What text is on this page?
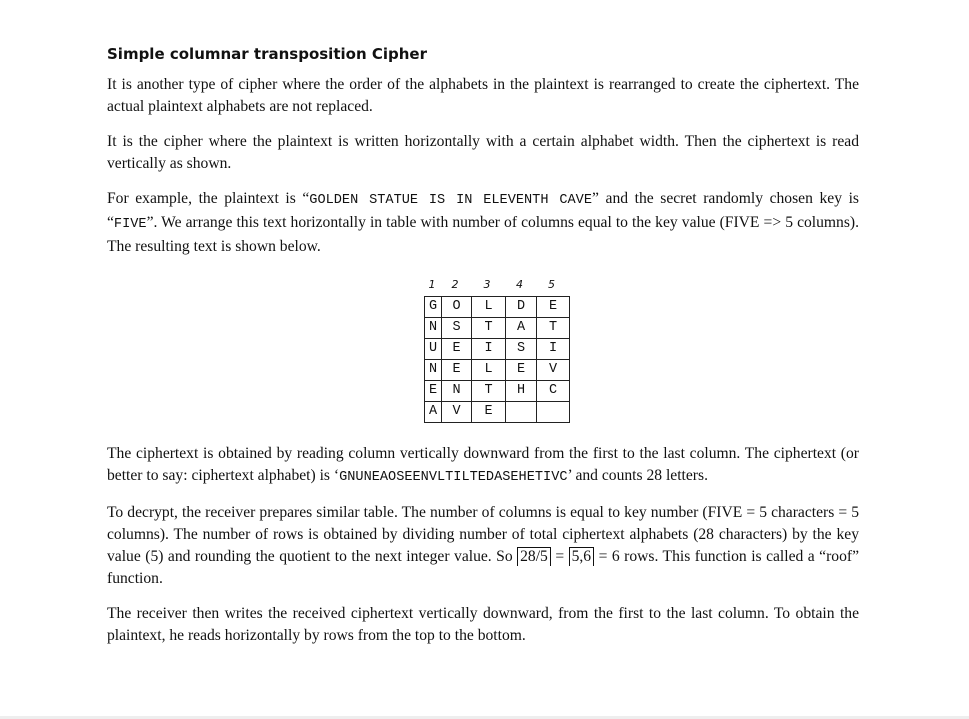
Simple columnar transposition Cipher

It is another type of cipher where the order of the alphabets in the plaintext is rearranged to create the ciphertext. The actual plaintext alphabets are not replaced.

It is the cipher where the plaintext is written horizontally with a certain alphabet width. Then the ciphertext is read vertically as shown.

For example, the plaintext is “GOLDEN STATUE IS IN ELEVENTH CAVE” and the secret randomly chosen key is “FIVE”. We arrange this text horizontally in table with number of columns equal to the key value (FIVE => 5 columns). The resulting text is shown below.

1	2	3	4	5
G	O	L	D	E
N	S	T	A	T
U	E	I	S	I
N	E	L	E	V
E	N	T	H	C
A	V	E		

The ciphertext is obtained by reading column vertically downward from the first to the last column. The ciphertext (or better to say: ciphertext alphabet) is ‘GNUNEAOSEENVLTILTEDASEHETIVC’ and counts 28 letters.

To decrypt, the receiver prepares similar table. The number of columns is equal to key number (FIVE = 5 characters = 5 columns). The number of rows is obtained by dividing number of total ciphertext alphabets (28 characters) by the key value (5) and rounding the quotient to the next integer value. So 28/5 = 5,6 = 6 rows. This function is called a “roof” function.

The receiver then writes the received ciphertext vertically downward, from the first to the last column. To obtain the plaintext, he reads horizontally by rows from the top to the bottom.
